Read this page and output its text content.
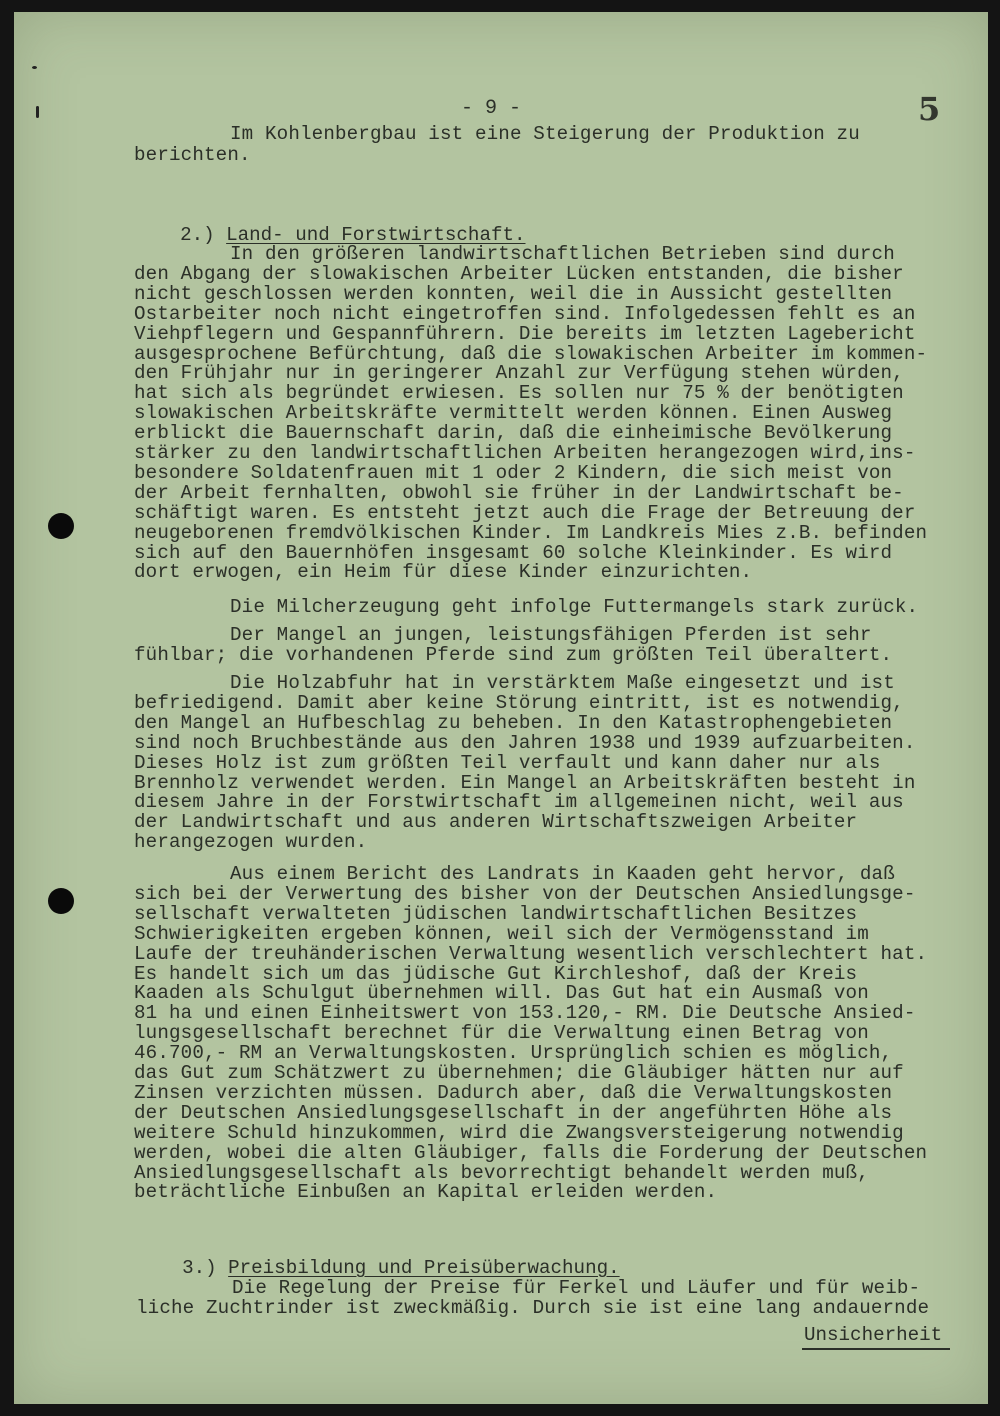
- 9 -	5
Im Kohlenbergbau ist eine Steigerung der Produktion zu
berichten.

2.) Land- und Forstwirtschaft.

In den größeren landwirtschaftlichen Betrieben sind durch
den Abgang der slowakischen Arbeiter Lücken entstanden, die bisher
nicht geschlossen werden konnten, weil die in Aussicht gestellten
Ostarbeiter noch nicht eingetroffen sind. Infolgedessen fehlt es an
Viehpflegern und Gespannführern. Die bereits im letzten Lagebericht
ausgesprochene Befürchtung, daß die slowakischen Arbeiter im kommen-
den Frühjahr nur in geringerer Anzahl zur Verfügung stehen würden,
hat sich als begründet erwiesen. Es sollen nur 75 % der benötigten
slowakischen Arbeitskräfte vermittelt werden können. Einen Ausweg
erblickt die Bauernschaft darin, daß die einheimische Bevölkerung
stärker zu den landwirtschaftlichen Arbeiten herangezogen wird,ins-
besondere Soldatenfrauen mit 1 oder 2 Kindern, die sich meist von
der Arbeit fernhalten, obwohl sie früher in der Landwirtschaft be-
schäftigt waren. Es entsteht jetzt auch die Frage der Betreuung der
neugeborenen fremdvölkischen Kinder. Im Landkreis Mies z.B. befinden
sich auf den Bauernhöfen insgesamt 60 solche Kleinkinder. Es wird
dort erwogen, ein Heim für diese Kinder einzurichten.
Die Milcherzeugung geht infolge Futtermangels stark zurück.
Der Mangel an jungen, leistungsfähigen Pferden ist sehr
fühlbar; die vorhandenen Pferde sind zum größten Teil überaltert.
Die Holzabfuhr hat in verstärktem Maße eingesetzt und ist
befriedigend. Damit aber keine Störung eintritt, ist es notwendig,
den Mangel an Hufbeschlag zu beheben. In den Katastrophengebieten
sind noch Bruchbestände aus den Jahren 1938 und 1939 aufzuarbeiten.
Dieses Holz ist zum größten Teil verfault und kann daher nur als
Brennholz verwendet werden. Ein Mangel an Arbeitskräften besteht in
diesem Jahre in der Forstwirtschaft im allgemeinen nicht, weil aus
der Landwirtschaft und aus anderen Wirtschaftszweigen Arbeiter
herangezogen wurden.
Aus einem Bericht des Landrats in Kaaden geht hervor, daß
sich bei der Verwertung des bisher von der Deutschen Ansiedlungsge-
sellschaft verwalteten jüdischen landwirtschaftlichen Besitzes
Schwierigkeiten ergeben können, weil sich der Vermögensstand im
Laufe der treuhänderischen Verwaltung wesentlich verschlechtert hat.
Es handelt sich um das jüdische Gut Kirchleshof, daß der Kreis
Kaaden als Schulgut übernehmen will. Das Gut hat ein Ausmaß von
81 ha und einen Einheitswert von 153.120,- RM. Die Deutsche Ansied-
lungsgesellschaft berechnet für die Verwaltung einen Betrag von
46.700,- RM an Verwaltungskosten. Ursprünglich schien es möglich,
das Gut zum Schätzwert zu übernehmen; die Gläubiger hätten nur auf
Zinsen verzichten müssen. Dadurch aber, daß die Verwaltungskosten
der Deutschen Ansiedlungsgesellschaft in der angeführten Höhe als
weitere Schuld hinzukommen, wird die Zwangsversteigerung notwendig
werden, wobei die alten Gläubiger, falls die Forderung der Deutschen
Ansiedlungsgesellschaft als bevorrechtigt behandelt werden muß,
beträchtliche Einbußen an Kapital erleiden werden.

3.) Preisbildung und Preisüberwachung.

Die Regelung der Preise für Ferkel und Läufer und für weib-
liche Zuchtrinder ist zweckmäßig. Durch sie ist eine lang andauernde
Unsicherheit
